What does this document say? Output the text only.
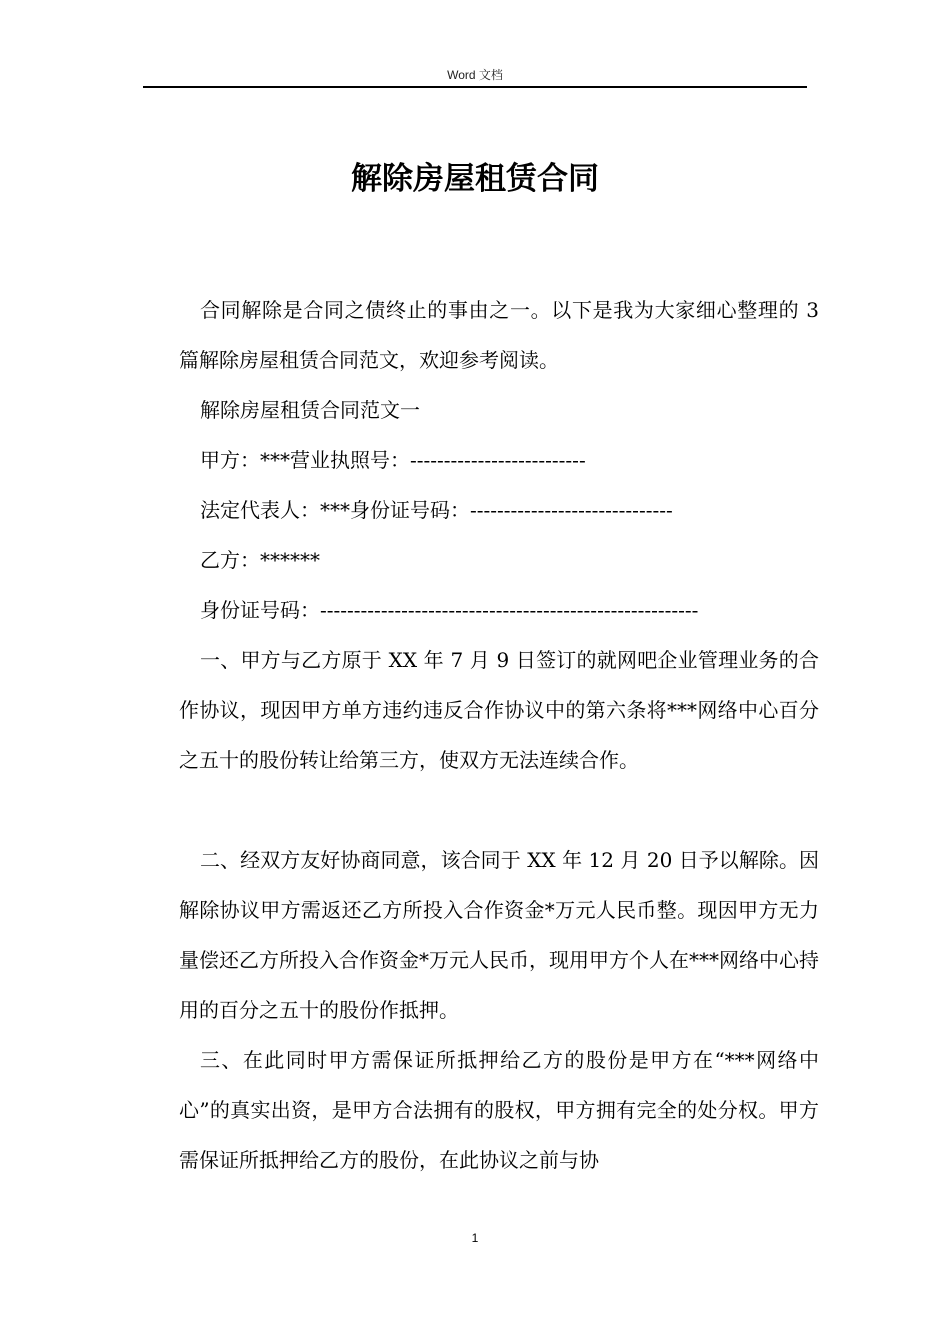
Word 文档
解除房屋租赁合同

合同解除是合同之债终止的事由之一。以下是我为大家细心整理的 3 篇解除房屋租赁合同范文，欢迎参考阅读。

解除房屋租赁合同范文一

甲方：***营业执照号：--------------------------

法定代表人：***身份证号码：------------------------------

乙方：******

身份证号码：--------------------------------------------------------

一、甲方与乙方原于 XX 年 7 月 9 日签订的就网吧企业管理业务的合作协议，现因甲方单方违约违反合作协议中的第六条将***网络中心百分之五十的股份转让给第三方，使双方无法连续合作。

二、经双方友好协商同意，该合同于 XX 年 12 月 20 日予以解除。因解除协议甲方需返还乙方所投入合作资金*万元人民币整。现因甲方无力量偿还乙方所投入合作资金*万元人民币，现用甲方个人在***网络中心持用的百分之五十的股份作抵押。

三、在此同时甲方需保证所抵押给乙方的股份是甲方在“***网络中心”的真实出资，是甲方合法拥有的股权，甲方拥有完全的处分权。甲方需保证所抵押给乙方的股份，在此协议之前与协

1
